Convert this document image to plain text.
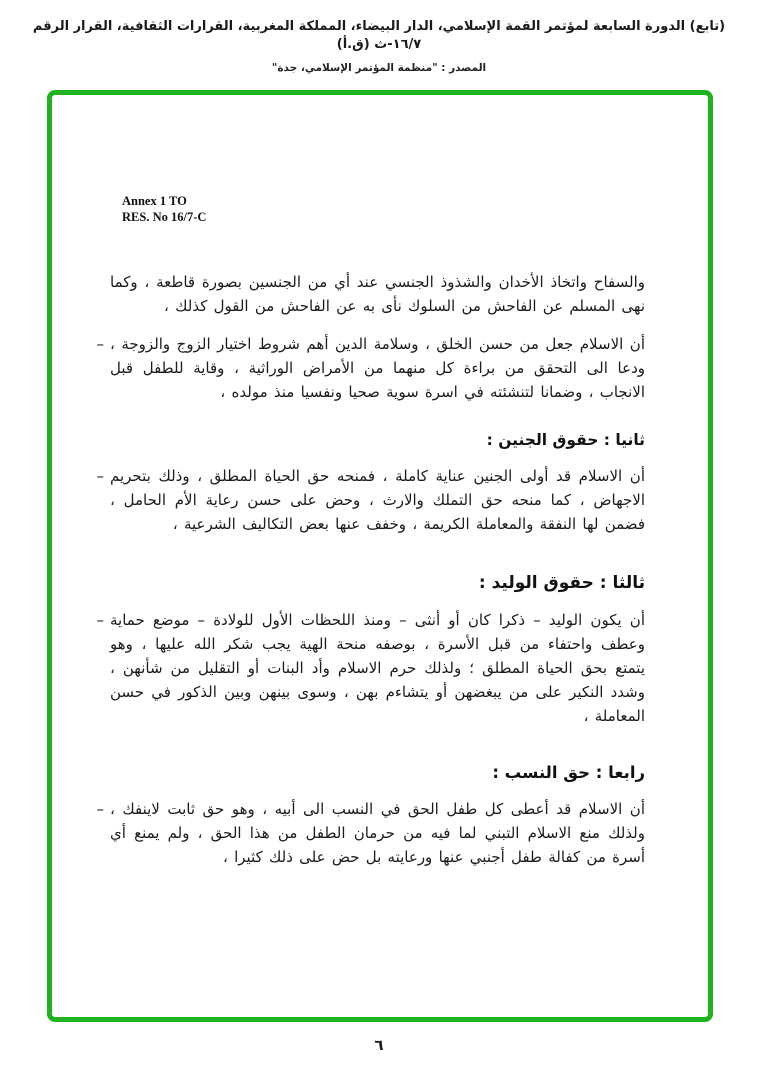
(تابع) الدورة السابعة لمؤتمر القمة الإسلامي، الدار البيضاء، المملكة المغربية، القرارات الثقافية، القرار الرقم ١٦/٧-ث (ق.أ)
المصدر : "منظمة المؤتمر الإسلامي، جدة"
Annex 1 TO
RES. No 16/7-C

والسفاح واتخاذ الأخدان والشذوذ الجنسي عند أي من الجنسين بصورة قاطعة ، وكما نهى المسلم عن الفاحش من السلوك نأى به عن الفاحش من القول كذلك ،

– أن الاسلام جعل من حسن الخلق ، وسلامة الدين أهم شروط اختيار الزوج والزوجة ، ودعا الى التحقق من براءة كل منهما من الأمراض الوراثية ، وقاية للطفل قبل الانجاب ، وضمانا لتنشئته في اسرة سوية صحيا ونفسيا منذ مولده ،

ثانيا : حقوق الجنين :

– أن الاسلام قد أولى الجنين عناية كاملة ، فمنحه حق الحياة المطلق ، وذلك بتحريم الاجهاض ، كما منحه حق التملك والارث ، وحض على حسن رعاية الأم الحامل ، فضمن لها النفقة والمعاملة الكريمة ، وخفف عنها بعض التكاليف الشرعية ،

ثالثا : حقوق الوليد :

– أن يكون الوليد – ذكرا كان أو أنثى – ومنذ اللحظات الأول للولادة – موضع حماية وعطف واحتفاء من قبل الأسرة ، بوصفه منحة الهية يجب شكر الله عليها ، وهو يتمتع بحق الحياة المطلق ؛ ولذلك حرم الاسلام وأد البنات أو التقليل من شأنهن ، وشدد النكير على من يبغضهن أو يتشاءم بهن ، وسوى بينهن وبين الذكور في حسن المعاملة ،

رابعا : حق النسب :

– أن الاسلام قد أعطى كل طفل الحق في النسب الى أبيه ، وهو حق ثابت لاينفك ، ولذلك منع الاسلام التبني لما فيه من حرمان الطفل من هذا الحق ، ولم يمنع أي أسرة من كفالة طفل أجنبي عنها ورعايته بل حض على ذلك كثيرا ،

٦
